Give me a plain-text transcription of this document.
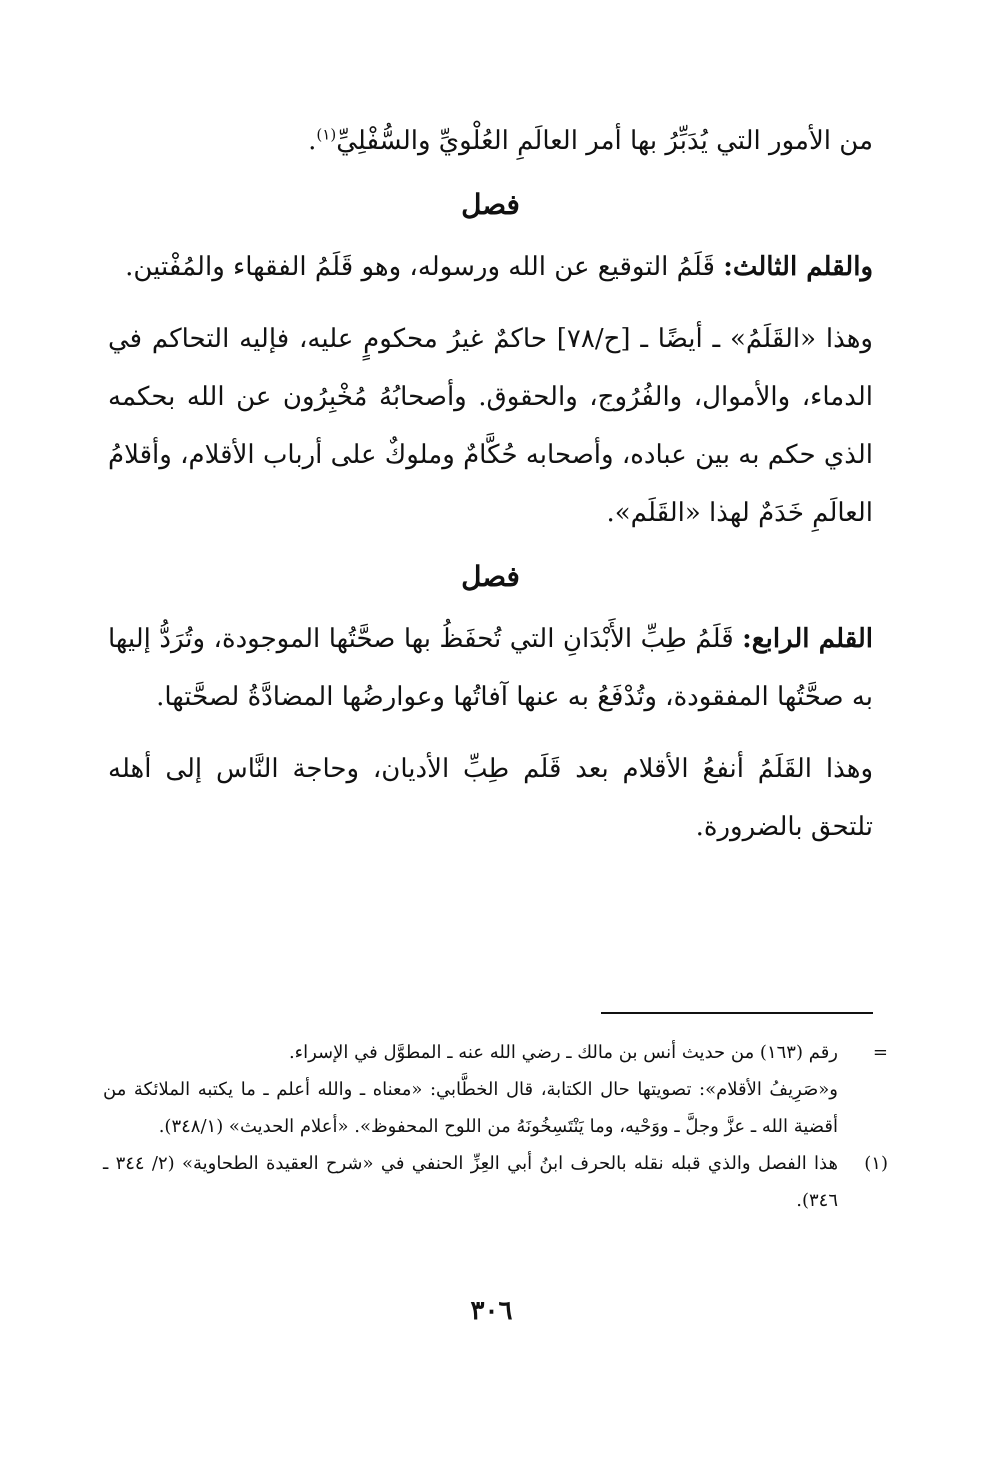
من الأمور التي يُدَبِّرُ بها أمر العالَمِ العُلْويِّ والسُّفْلِيِّ$^{(١)}$.

فصل

والقلم الثالث: قَلَمُ التوقيع عن الله ورسوله، وهو قَلَمُ الفقهاء والمُفْتين.

وهذا «القَلَمُ» ـ أيضًا ـ [ح/٧٨] حاكمٌ غيرُ محكومٍ عليه، فإليه التحاكم في الدماء، والأموال، والفُرُوج، والحقوق. وأصحابُهُ مُخْبِرُون عن الله بحكمه الذي حكم به بين عباده، وأصحابه حُكَّامٌ وملوكٌ على أرباب الأقلام، وأقلامُ العالَمِ خَدَمٌ لهذا «القَلَم».

فصل

القلم الرابع: قَلَمُ طِبِّ الأَبْدَانِ التي تُحفَظُ بها صحَّتُها الموجودة، وتُرَدُّ إليها به صحَّتُها المفقودة، وتُدْفَعُ به عنها آفاتُها وعوارضُها المضادَّةُ لصحَّتها.

وهذا القَلَمُ أنفعُ الأقلام بعد قَلَم طِبِّ الأديان، وحاجة النَّاس إلى أهله تلتحق بالضرورة.

=

رقم (١٦٣) من حديث أنس بن مالك ـ رضي الله عنه ـ المطوَّل في الإسراء.

و«صَرِيفُ الأقلام»: تصويتها حال الكتابة، قال الخطَّابي: «معناه ـ والله أعلم ـ ما يكتبه الملائكة من أقضية الله ـ عزَّ وجلَّ ـ ووَحْيه، وما يَنْتَسِخُونَهُ من اللوح المحفوظ». «أعلام الحديث» (٣٤٨/١).

(١)

هذا الفصل والذي قبله نقله بالحرف ابنُ أبي العِزِّ الحنفي في «شرح العقيدة الطحاوية» (٢/ ٣٤٤ ـ ٣٤٦).

٣٠٦
